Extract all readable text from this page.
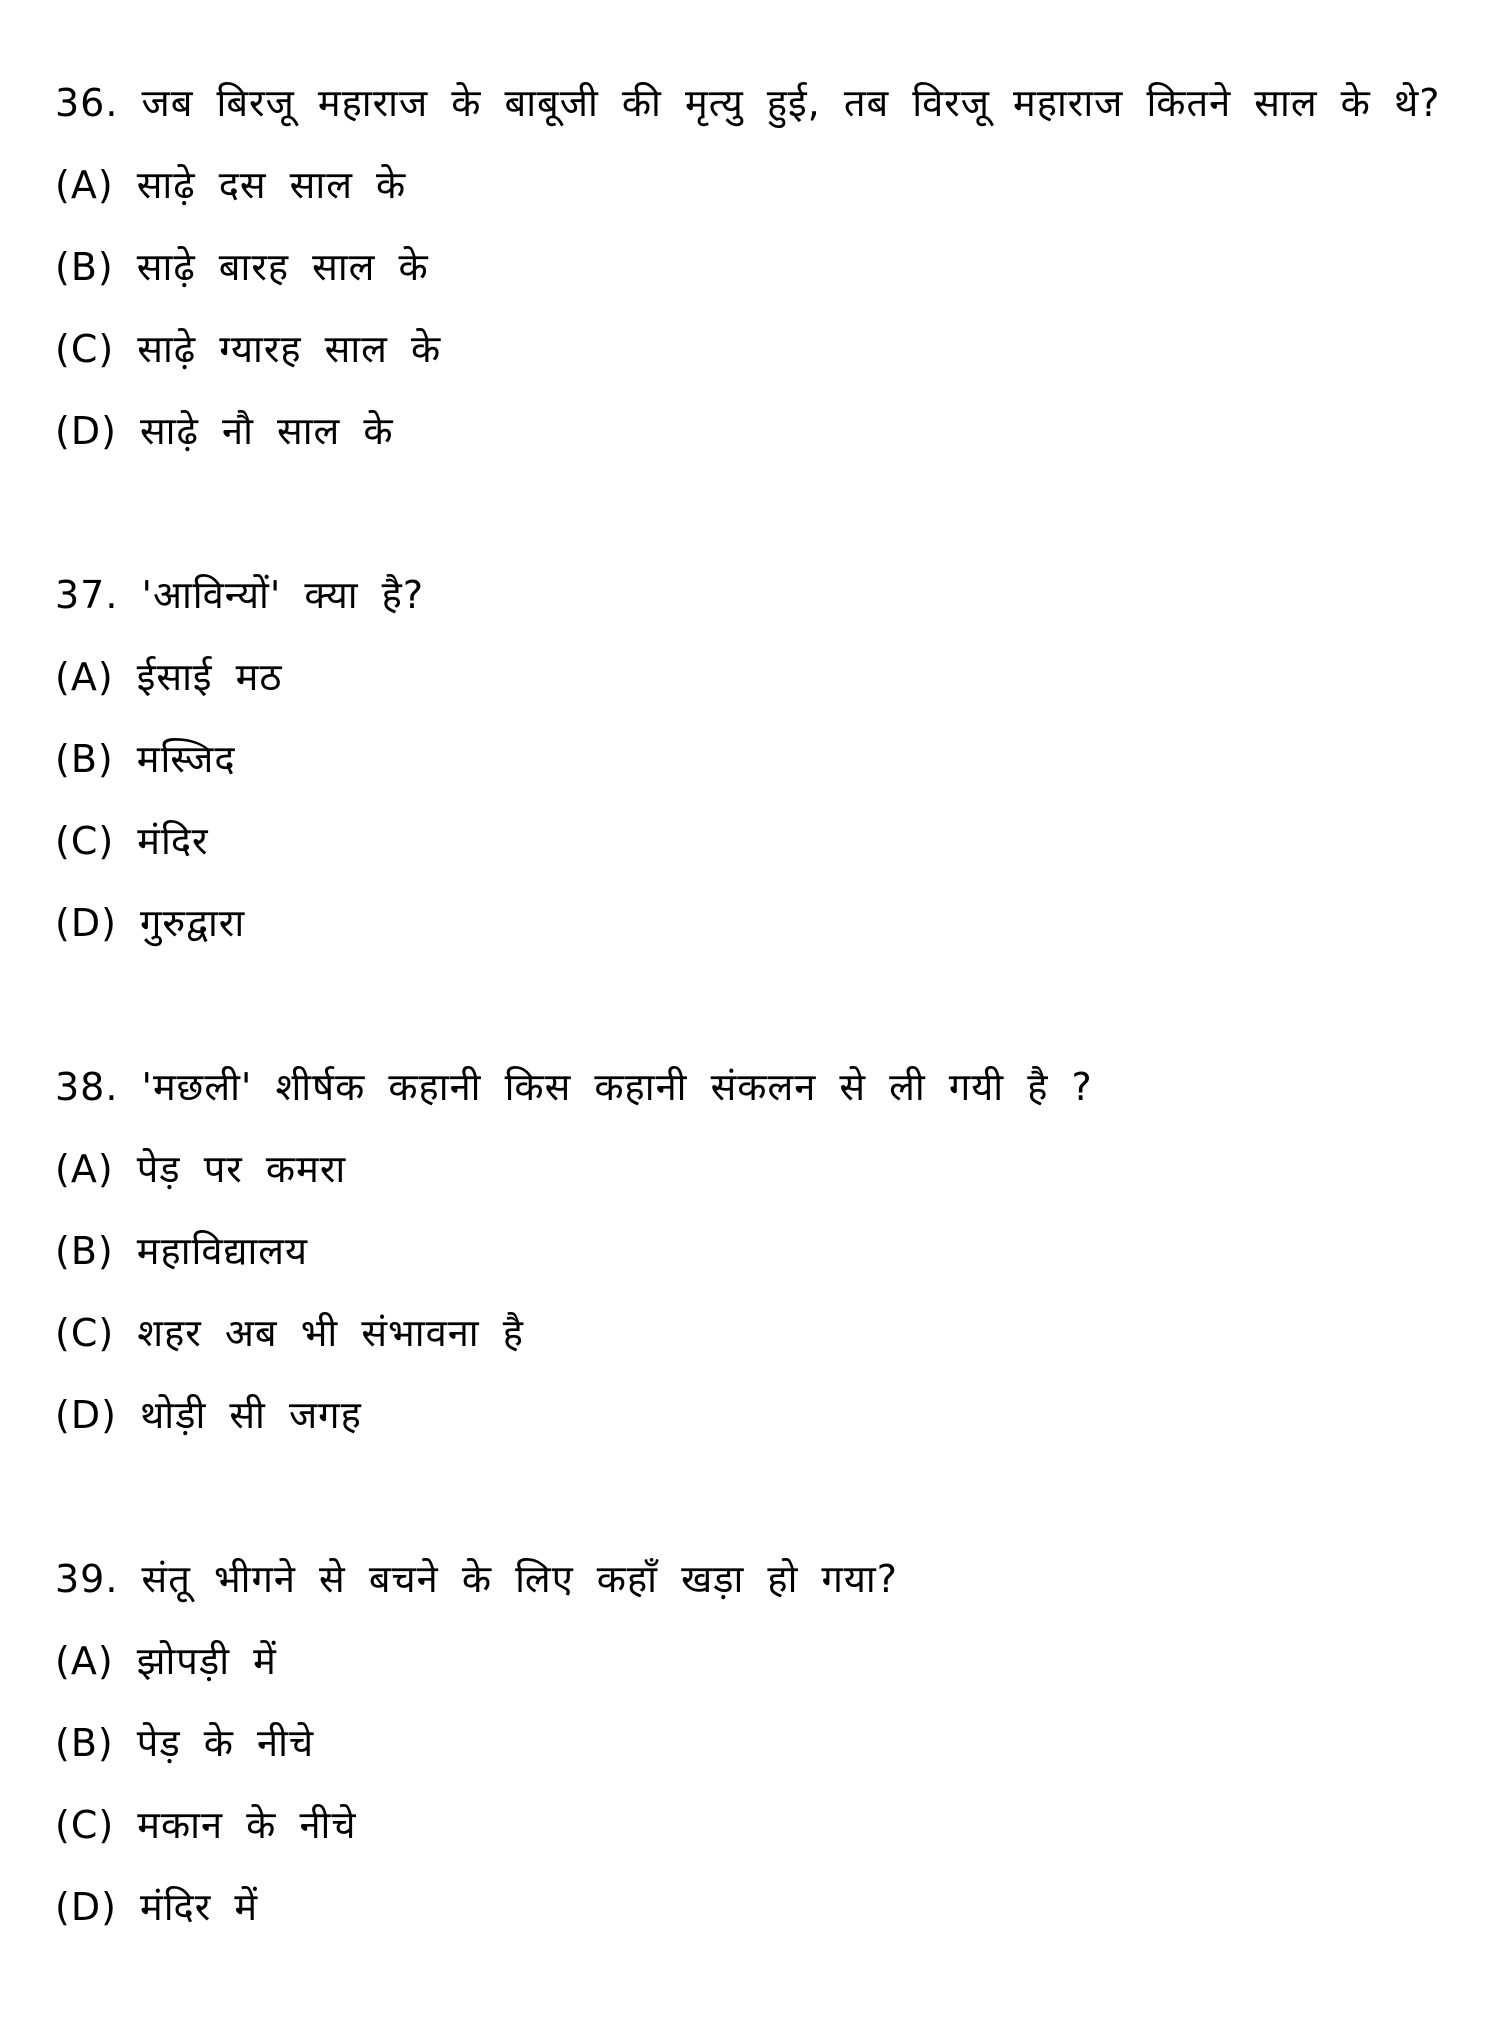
36. जब बिरजू महाराज के बाबूजी की मृत्यु हुई, तब विरजू महाराज कितने साल के थे?
(A) साढ़े दस साल के
(B) साढ़े बारह साल के
(C) साढ़े ग्यारह साल के
(D) साढ़े नौ साल के
37. 'आविन्यों' क्या है?
(A) ईसाई मठ
(B) मस्जिद
(C) मंदिर
(D) गुरुद्वारा
38. 'मछली' शीर्षक कहानी किस कहानी संकलन से ली गयी है ?
(A) पेड़ पर कमरा
(B) महाविद्यालय
(C) शहर अब भी संभावना है
(D) थोड़ी सी जगह
39. संतू भीगने से बचने के लिए कहाँ खड़ा हो गया?
(A) झोपड़ी में
(B) पेड़ के नीचे
(C) मकान के नीचे
(D) मंदिर में
